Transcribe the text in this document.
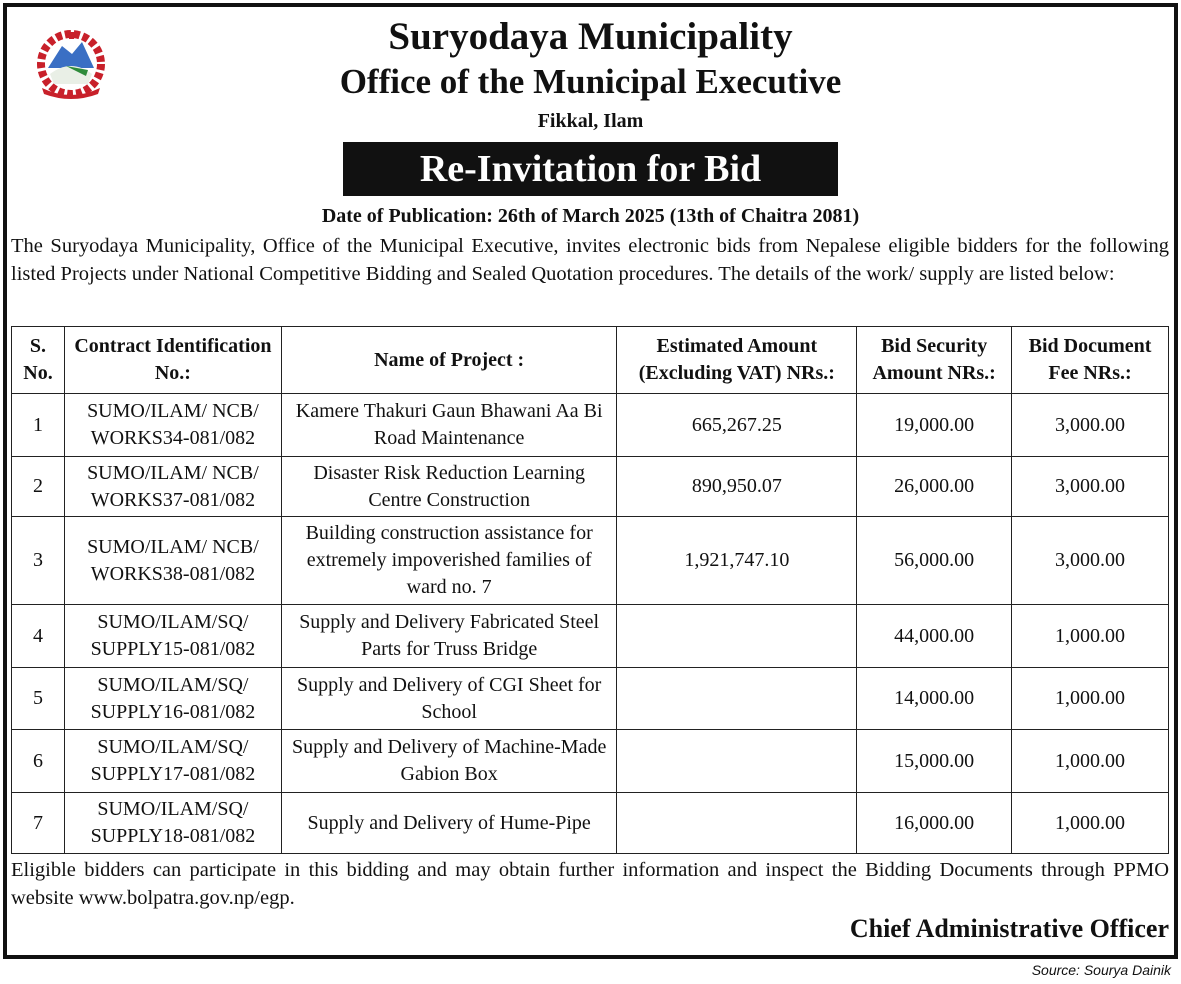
Suryodaya Municipality
Office of the Municipal Executive
Fikkal, Ilam
Re-Invitation for Bid
Date of Publication: 26th of March 2025 (13th of Chaitra 2081)
The Suryodaya Municipality, Office of the Municipal Executive, invites electronic bids from Nepalese eligible bidders for the following listed Projects under National Competitive Bidding and Sealed Quotation procedures. The details of the work/ supply are listed below:
S. No.	Contract Identification No.:	Name of Project :	Estimated Amount (Excluding VAT) NRs.:	Bid Security Amount NRs.:	Bid Document Fee NRs.:
1	SUMO/ILAM/ NCB/ WORKS34-081/082	Kamere Thakuri Gaun Bhawani Aa Bi Road Maintenance	665,267.25	19,000.00	3,000.00
2	SUMO/ILAM/ NCB/ WORKS37-081/082	Disaster Risk Reduction Learning Centre Construction	890,950.07	26,000.00	3,000.00
3	SUMO/ILAM/ NCB/ WORKS38-081/082	Building construction assistance for extremely impoverished families of ward no. 7	1,921,747.10	56,000.00	3,000.00
4	SUMO/ILAM/SQ/ SUPPLY15-081/082	Supply and Delivery Fabricated Steel Parts for Truss Bridge		44,000.00	1,000.00
5	SUMO/ILAM/SQ/ SUPPLY16-081/082	Supply and Delivery of CGI Sheet for School		14,000.00	1,000.00
6	SUMO/ILAM/SQ/ SUPPLY17-081/082	Supply and Delivery of Machine-Made Gabion Box		15,000.00	1,000.00
7	SUMO/ILAM/SQ/ SUPPLY18-081/082	Supply and Delivery of Hume-Pipe		16,000.00	1,000.00
Eligible bidders can participate in this bidding and may obtain further information and inspect the Bidding Documents through PPMO website www.bolpatra.gov.np/egp.
Chief Administrative Officer
Source: Sourya Dainik
